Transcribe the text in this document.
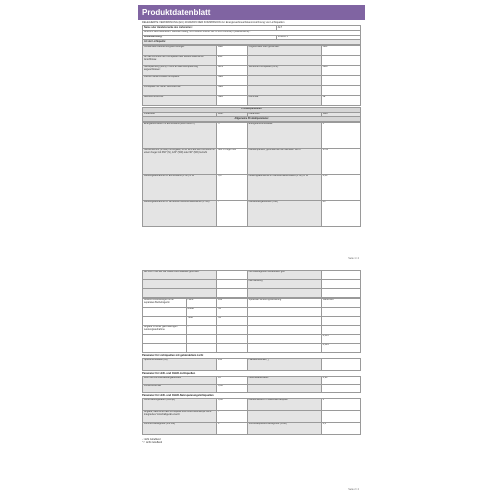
Produktdatenblatt
DELEGIERTE VERORDNUNG (EU) 2019/2015 DER KOMMISSION zur Energieverbrauchskennzeichnung von Lichtquellen
Name oder Handelsmarke des Lieferanten:	ALT
Anschrift des Lieferanten: Weihuai Huang, No.6 Weishi Panhu 12L 47101 Cortona(IT) Ewiba Betriq...	
Modellkennung:	V22116 1
Art der Lichtquelle:	
Verwendete Beleuchtungstechnologie:	LED	Ungebündelt oder gebündelt:	NDL
An das Lichtnetz der Lichtquelle oder andere elektrische Anschlüsse:	E14		
Netzspannung (MLS) / Nicht an das Netzspannung angeschlossen:	MLS	Vernetzte Lichtquelle (CLS):	Nein
Farblich abstimmbare Lichtquelle:	Nein		
Lichtquelle mit hoher Leuchtdichte:	Nein		
Blendschutzschild:	Nein	Dimmbar:	Ja
Produktparameter
Parameter	Wert	Parameter	Wert
Allgemeine Produktparameter
Energieverbrauch im Ein-Zustand (kWh/1000 h)	5	Energieeffizienzklasse	F
Nutzlichtstrom (Φ use) mit Angabe, ob er sich auf den Lichtstrom in einem Kegel mit 360° (Ν), 120° (WD) oder 90° (NR) bezieht	480 in Kugel 360°	Farbtemperatur, gerundet auf die nächsten 100 K	2700
Leistungsaufnahme im Ein-Zustand (P on) in W	4,9	Leistungsaufnahme im Bereitschaftszustand (P sb) in W	0,00
Leistungsaufnahme im vernetzten Bereitschaftsbetrieb (P net)	-	Farbwiedergabeindex (CRI)	80
Seite 1 / 2
Bis 120 in Mit auf die zweite Dezimalstelle gerundet:		Lichtstärkegebiet Mindestwert gibt	
		Nennleistung	

Äußere Abmessungen ohne separates Betriebsgerät	Höhe	102	Spektrale Strahlungsverteilung	Siehe Bild
	Breite	39		
	Tiefe	39		
Angabe zu einer gleichwertigen Leistungsaufnahme	-			
				0,313
				0,329
Parameter für Lichtquellen mit gebündeltem Licht
Spitzenlichtstärke (cd)	233	Halbwertswinkel (°)	
Parameter für LED- und OLED-Lichtquellen
Wert des R9-Farbwiedergabeindex	10	Lebensdauerfaktor	0,90
Lichtstromerhalt	0,96		
Parameter für LED- und OLED-Netzspannungslichtquellen
Verschiebungsfaktor (cos φ1)	0,96	Farbkonsistenz in MacAdam-Ellipsen	3
Angabe, dass eine LED-Lichtquelle eine Leuchtstofflampe ohne integriertes Vorschaltgerät ersetzt	-		
Flimmer-Messgröße (Pst LM)	1	Stroboskopeffekt-Messgröße (SVM)	0,4
-: nicht zutreffend
"-": nicht zutreffend
Seite 2 / 2
